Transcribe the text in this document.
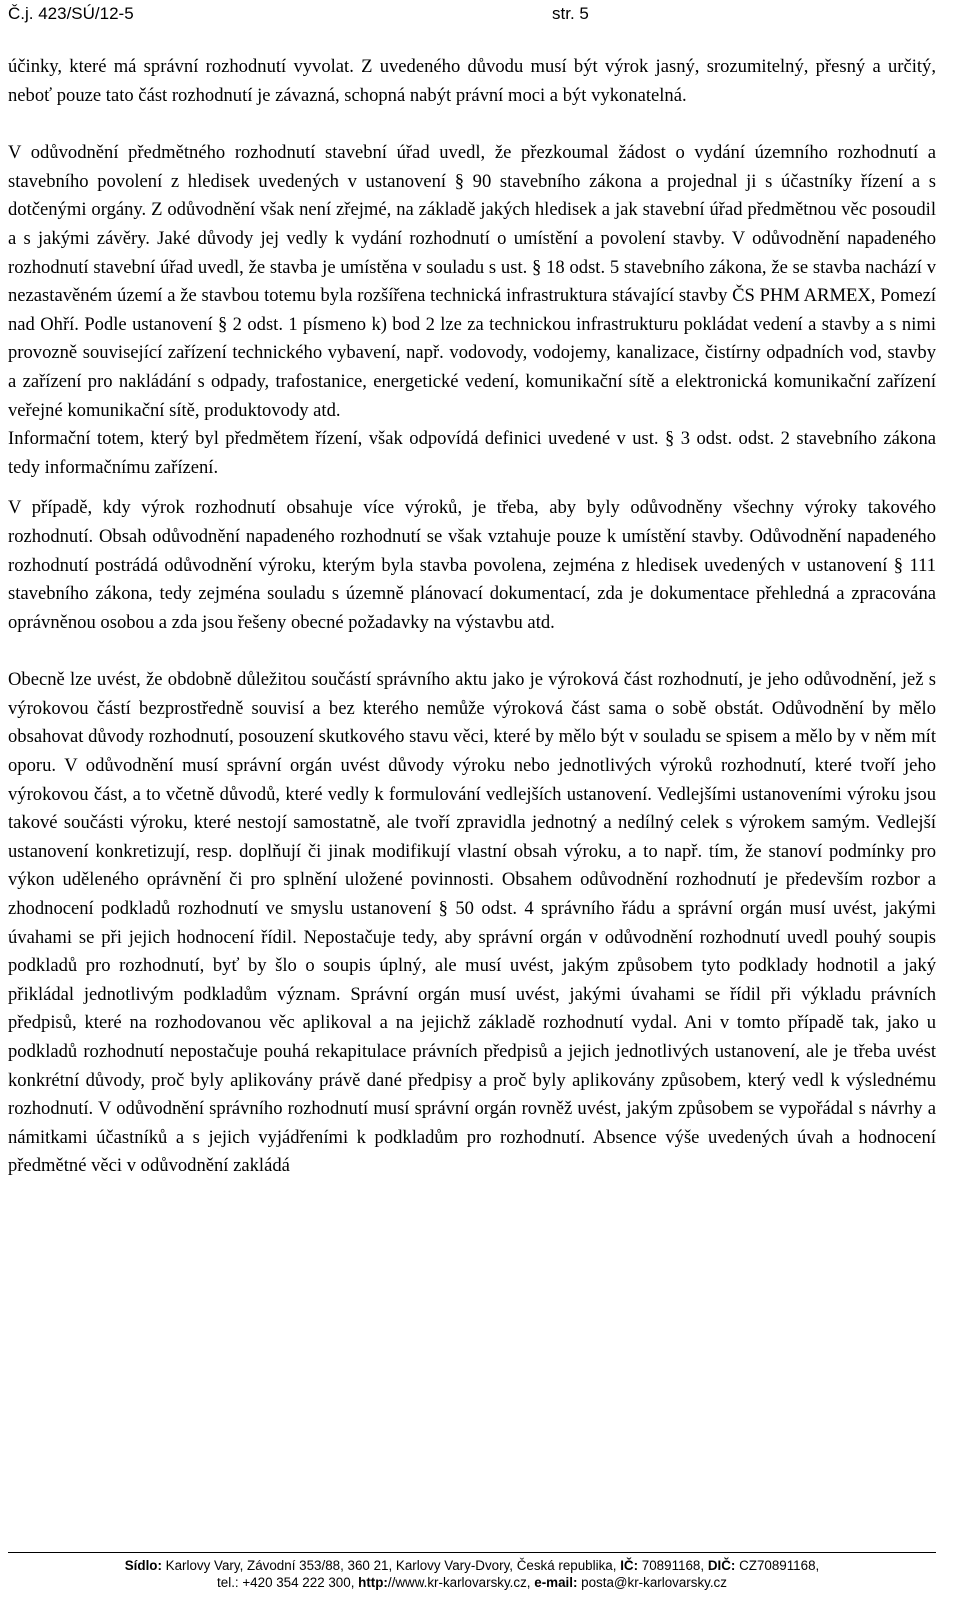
Č.j. 423/SÚ/12-5	str. 5

účinky, které má správní rozhodnutí vyvolat. Z uvedeného důvodu musí být výrok jasný, srozumitelný, přesný a určitý, neboť pouze tato část rozhodnutí je závazná, schopná nabýt právní moci a být vykonatelná.

V odůvodnění předmětného rozhodnutí stavební úřad uvedl, že přezkoumal žádost o vydání územního rozhodnutí a stavebního povolení z hledisek uvedených v ustanovení § 90 stavebního zákona a projednal ji s účastníky řízení a s dotčenými orgány. Z odůvodnění však není zřejmé, na základě jakých hledisek a jak stavební úřad předmětnou věc posoudil a s jakými závěry. Jaké důvody jej vedly k vydání rozhodnutí o umístění a povolení stavby. V odůvodnění napadeného rozhodnutí stavební úřad uvedl, že stavba je umístěna v souladu s ust. § 18 odst. 5 stavebního zákona, že se stavba nachází v nezastavěném území a že stavbou totemu byla rozšířena technická infrastruktura stávající stavby ČS PHM ARMEX, Pomezí nad Ohří. Podle ustanovení § 2 odst. 1 písmeno k) bod 2 lze za technickou infrastrukturu pokládat vedení a stavby a s nimi provozně související zařízení technického vybavení, např. vodovody, vodojemy, kanalizace, čistírny odpadních vod, stavby a zařízení pro nakládání s odpady, trafostanice, energetické vedení, komunikační sítě a elektronická komunikační zařízení veřejné komunikační sítě, produktovody atd.

Informační totem, který byl předmětem řízení, však odpovídá definici uvedené v ust. § 3 odst. odst. 2 stavebního zákona tedy informačnímu zařízení.

V případě, kdy výrok rozhodnutí obsahuje více výroků, je třeba, aby byly odůvodněny všechny výroky takového rozhodnutí. Obsah odůvodnění napadeného rozhodnutí se však vztahuje pouze k umístění stavby. Odůvodnění napadeného rozhodnutí postrádá odůvodnění výroku, kterým byla stavba povolena, zejména z hledisek uvedených v ustanovení § 111 stavebního zákona, tedy zejména souladu s územně plánovací dokumentací, zda je dokumentace přehledná a zpracována oprávněnou osobou a zda jsou řešeny obecné požadavky na výstavbu atd.

Obecně lze uvést, že obdobně důležitou součástí správního aktu jako je výroková část rozhodnutí, je jeho odůvodnění, jež s výrokovou částí bezprostředně souvisí a bez kterého nemůže výroková část sama o sobě obstát. Odůvodnění by mělo obsahovat důvody rozhodnutí, posouzení skutkového stavu věci, které by mělo být v souladu se spisem a mělo by v něm mít oporu. V odůvodnění musí správní orgán uvést důvody výroku nebo jednotlivých výroků rozhodnutí, které tvoří jeho výrokovou část, a to včetně důvodů, které vedly k formulování vedlejších ustanovení. Vedlejšími ustanoveními výroku jsou takové součásti výroku, které nestojí samostatně, ale tvoří zpravidla jednotný a nedílný celek s výrokem samým. Vedlejší ustanovení konkretizují, resp. doplňují či jinak modifikují vlastní obsah výroku, a to např. tím, že stanoví podmínky pro výkon uděleného oprávnění či pro splnění uložené povinnosti. Obsahem odůvodnění rozhodnutí je především rozbor a zhodnocení podkladů rozhodnutí ve smyslu ustanovení § 50 odst. 4 správního řádu a správní orgán musí uvést, jakými úvahami se při jejich hodnocení řídil. Nepostačuje tedy, aby správní orgán v odůvodnění rozhodnutí uvedl pouhý soupis podkladů pro rozhodnutí, byť by šlo o soupis úplný, ale musí uvést, jakým způsobem tyto podklady hodnotil a jaký přikládal jednotlivým podkladům význam. Správní orgán musí uvést, jakými úvahami se řídil při výkladu právních předpisů, které na rozhodovanou věc aplikoval a na jejichž základě rozhodnutí vydal. Ani v tomto případě tak, jako u podkladů rozhodnutí nepostačuje pouhá rekapitulace právních předpisů a jejich jednotlivých ustanovení, ale je třeba uvést konkrétní důvody, proč byly aplikovány právě dané předpisy a proč byly aplikovány způsobem, který vedl k výslednému rozhodnutí. V odůvodnění správního rozhodnutí musí správní orgán rovněž uvést, jakým způsobem se vypořádal s návrhy a námitkami účastníků a s jejich vyjádřeními k podkladům pro rozhodnutí. Absence výše uvedených úvah a hodnocení předmětné věci v odůvodnění zakládá

Sídlo: Karlovy Vary, Závodní 353/88, 360 21, Karlovy Vary-Dvory, Česká republika, IČ: 70891168, DIČ: CZ70891168,
tel.: +420 354 222 300, http://www.kr-karlovarsky.cz, e-mail: posta@kr-karlovarsky.cz
